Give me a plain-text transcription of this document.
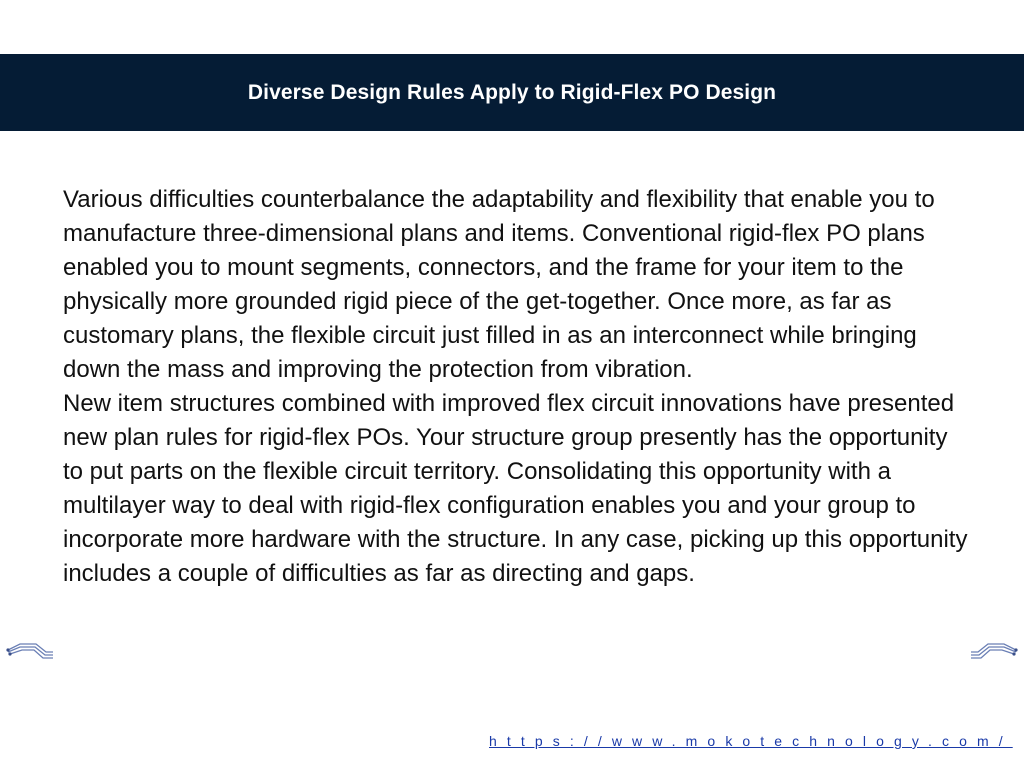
Diverse Design Rules Apply to Rigid-Flex PO Design

Various difficulties counterbalance the adaptability and flexibility that enable you to manufacture three-dimensional plans and items. Conventional rigid-flex PO plans enabled you to mount segments, connectors, and the frame for your item to the physically more grounded rigid piece of the get-together. Once more, as far as customary plans, the flexible circuit just filled in as an interconnect while bringing down the mass and improving the protection from vibration.

New item structures combined with improved flex circuit innovations have presented new plan rules for rigid-flex POs. Your structure group presently has the opportunity to put parts on the flexible circuit territory. Consolidating this opportunity with a multilayer way to deal with rigid-flex configuration enables you and your group to incorporate more hardware with the structure. In any case, picking up this opportunity includes a couple of difficulties as far as directing and gaps.

https://www.mokotechnology.com/
